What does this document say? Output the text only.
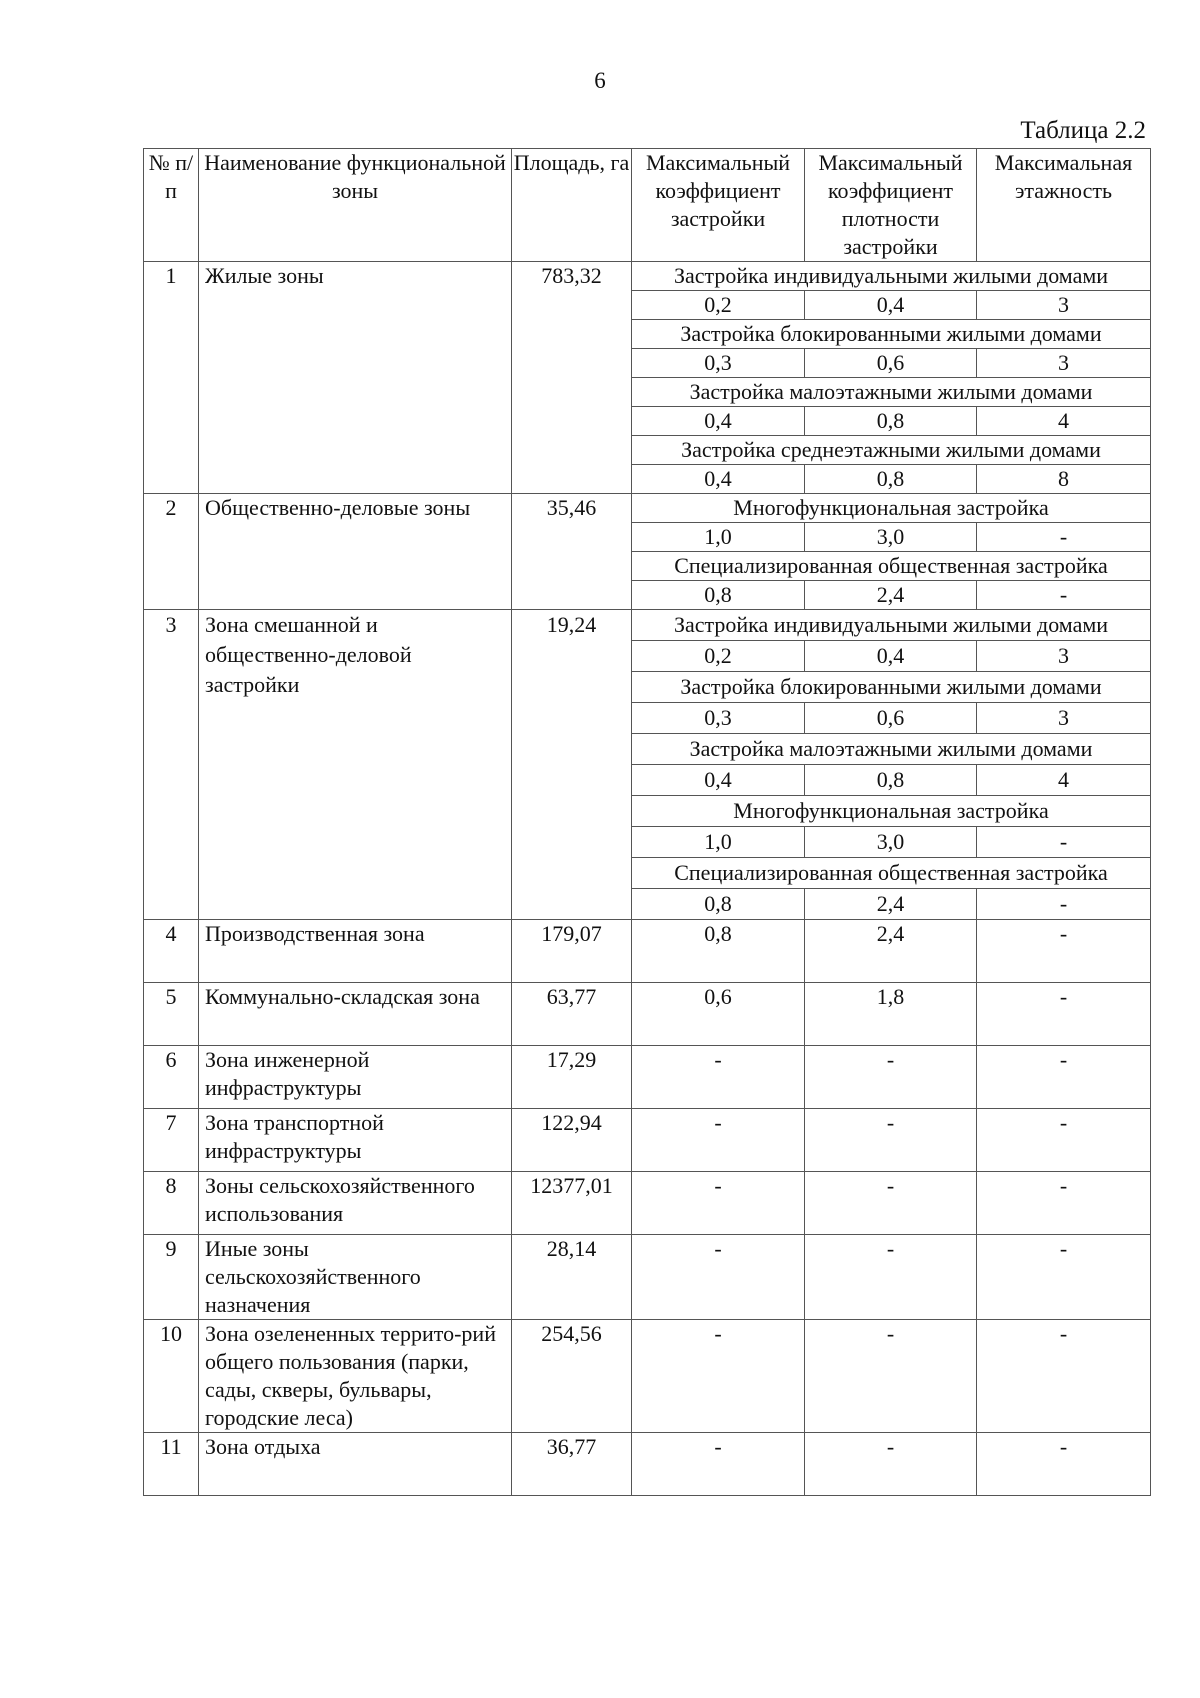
6
Таблица 2.2
№ п/п	Наименование функциональной зоны	Площадь, га	Максимальный коэффициент застройки	Максимальный коэффициент плотности застройки	Максимальная этажность
1	Жилые зоны	783,32	Застройка индивидуальными жилыми домами		
			0,2	0,4	3
			Застройка блокированными жилыми домами		
			0,3	0,6	3
			Застройка малоэтажными жилыми домами		
			0,4	0,8	4
			Застройка среднеэтажными жилыми домами		
			0,4	0,8	8
2	Общественно-деловые зоны	35,46	Многофункциональная застройка		
			1,0	3,0	-
			Специализированная общественная застройка		
			0,8	2,4	-
3	Зона смешанной и общественно-деловой застройки	19,24	Застройка индивидуальными жилыми домами		
			0,2	0,4	3
			Застройка блокированными жилыми домами		
			0,3	0,6	3
			Застройка малоэтажными жилыми домами		
			0,4	0,8	4
			Многофункциональная застройка		
			1,0	3,0	-
			Специализированная общественная застройка		
			0,8	2,4	-
4	Производственная зона	179,07	0,8	2,4	-
5	Коммунально-складская зона	63,77	0,6	1,8	-
6	Зона инженерной инфраструктуры	17,29	-	-	-
7	Зона транспортной инфраструктуры	122,94	-	-	-
8	Зоны сельскохозяйственного использования	12377,01	-	-	-
9	Иные зоны сельскохозяйственного назначения	28,14	-	-	-
10	Зона озелененных террито-рий общего пользования (парки, сады, скверы, бульвары, городские леса)	254,56	-	-	-
11	Зона отдыха	36,77	-	-	-
